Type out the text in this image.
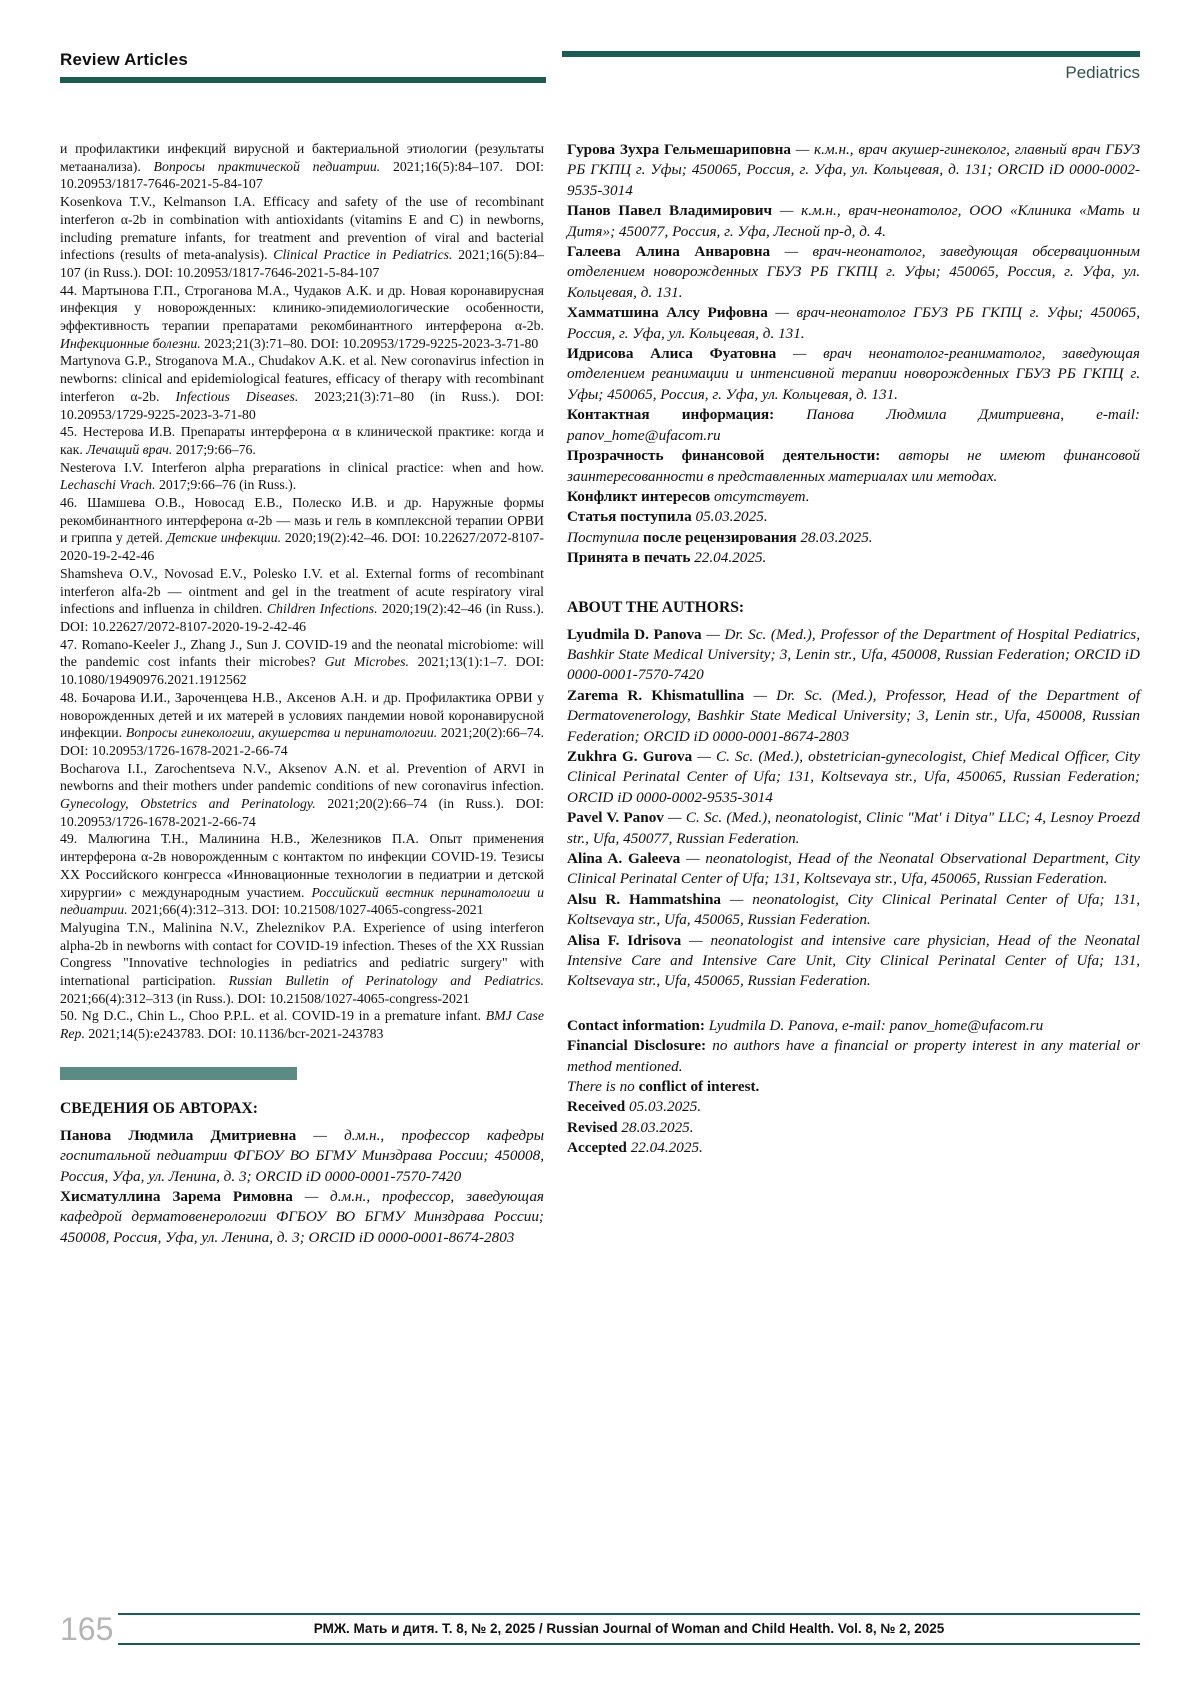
Review Articles
Pediatrics

и профилактики инфекций вирусной и бактериальной этиологии (результаты метаанализа). Вопросы практической педиатрии. 2021;16(5):84–107. DOI: 10.20953/1817-7646-2021-5-84-107

Kosenkova T.V., Kelmanson I.A. Efficacy and safety of the use of recombinant interferon α-2b in combination with antioxidants (vitamins E and C) in newborns, including premature infants, for treatment and prevention of viral and bacterial infections (results of meta-analysis). Clinical Practice in Pediatrics. 2021;16(5):84–107 (in Russ.). DOI: 10.20953/1817-7646-2021-5-84-107

44. Мартынова Г.П., Строганова М.А., Чудаков А.К. и др. Новая коронавирусная инфекция у новорожденных: клинико-эпидемиологические особенности, эффективность терапии препаратами рекомбинантного интерферона α-2b. Инфекционные болезни. 2023;21(3):71–80. DOI: 10.20953/1729-9225-2023-3-71-80

Martynova G.P., Stroganova M.A., Chudakov A.K. et al. New coronavirus infection in newborns: clinical and epidemiological features, efficacy of therapy with recombinant interferon α-2b. Infectious Diseases. 2023;21(3):71–80 (in Russ.). DOI: 10.20953/1729-9225-2023-3-71-80

45. Нестерова И.В. Препараты интерферона α в клинической практике: когда и как. Лечащий врач. 2017;9:66–76.

Nesterova I.V. Interferon alpha preparations in clinical practice: when and how. Lechaschi Vrach. 2017;9:66–76 (in Russ.).

46. Шамшева О.В., Новосад Е.В., Полеско И.В. и др. Наружные формы рекомбинантного интерферона α-2b — мазь и гель в комплексной терапии ОРВИ и гриппа у детей. Детские инфекции. 2020;19(2):42–46. DOI: 10.22627/2072-8107-2020-19-2-42-46

Shamsheva O.V., Novosad E.V., Polesko I.V. et al. External forms of recombinant interferon alfa-2b — ointment and gel in the treatment of acute respiratory viral infections and influenza in children. Children Infections. 2020;19(2):42–46 (in Russ.). DOI: 10.22627/2072-8107-2020-19-2-42-46

47. Romano-Keeler J., Zhang J., Sun J. COVID-19 and the neonatal microbiome: will the pandemic cost infants their microbes? Gut Microbes. 2021;13(1):1–7. DOI: 10.1080/19490976.2021.1912562

48. Бочарова И.И., Зароченцева Н.В., Аксенов А.Н. и др. Профилактика ОРВИ у новорожденных детей и их матерей в условиях пандемии новой коронавирусной инфекции. Вопросы гинекологии, акушерства и перинатологии. 2021;20(2):66–74. DOI: 10.20953/1726-1678-2021-2-66-74

Bocharova I.I., Zarochentseva N.V., Aksenov A.N. et al. Prevention of ARVI in newborns and their mothers under pandemic conditions of new coronavirus infection. Gynecology, Obstetrics and Perinatology. 2021;20(2):66–74 (in Russ.). DOI: 10.20953/1726-1678-2021-2-66-74

49. Малюгина Т.Н., Малинина Н.В., Железников П.А. Опыт применения интерферона α-2в новорожденным с контактом по инфекции COVID-19. Тезисы XX Российского конгресса «Инновационные технологии в педиатрии и детской хирургии» с международным участием. Российский вестник перинатологии и педиатрии. 2021;66(4):312–313. DOI: 10.21508/1027-4065-congress-2021

Malyugina T.N., Malinina N.V., Zheleznikov P.A. Experience of using interferon alpha-2b in newborns with contact for COVID-19 infection. Theses of the XX Russian Congress "Innovative technologies in pediatrics and pediatric surgery" with international participation. Russian Bulletin of Perinatology and Pediatrics. 2021;66(4):312–313 (in Russ.). DOI: 10.21508/1027-4065-congress-2021

50. Ng D.C., Chin L., Choo P.P.L. et al. COVID-19 in a premature infant. BMJ Case Rep. 2021;14(5):e243783. DOI: 10.1136/bcr-2021-243783

СВЕДЕНИЯ ОБ АВТОРАХ:

Панова Людмила Дмитриевна — д.м.н., профессор кафедры госпитальной педиатрии ФГБОУ ВО БГМУ Минздрава России; 450008, Россия, Уфа, ул. Ленина, д. 3; ORCID iD 0000-0001-7570-7420

Хисматуллина Зарема Римовна — д.м.н., профессор, заведующая кафедрой дерматовенерологии ФГБОУ ВО БГМУ Минздрава России; 450008, Россия, Уфа, ул. Ленина, д. 3; ORCID iD 0000-0001-8674-2803

Гурова Зухра Гельмешариповна — к.м.н., врач акушер-гинеколог, главный врач ГБУЗ РБ ГКПЦ г. Уфы; 450065, Россия, г. Уфа, ул. Кольцевая, д. 131; ORCID iD 0000-0002-9535-3014

Панов Павел Владимирович — к.м.н., врач-неонатолог, ООО «Клиника «Мать и Дитя»; 450077, Россия, г. Уфа, Лесной пр-д, д. 4.

Галеева Алина Анваровна — врач-неонатолог, заведующая обсервационным отделением новорожденных ГБУЗ РБ ГКПЦ г. Уфы; 450065, Россия, г. Уфа, ул. Кольцевая, д. 131.

Хамматшина Алсу Рифовна — врач-неонатолог ГБУЗ РБ ГКПЦ г. Уфы; 450065, Россия, г. Уфа, ул. Кольцевая, д. 131.

Идрисова Алиса Фуатовна — врач неонатолог-реаниматолог, заведующая отделением реанимации и интенсивной терапии новорожденных ГБУЗ РБ ГКПЦ г. Уфы; 450065, Россия, г. Уфа, ул. Кольцевая, д. 131.

Контактная информация: Панова Людмила Дмитриевна, e-mail: panov_home@ufacom.ru

Прозрачность финансовой деятельности: авторы не имеют финансовой заинтересованности в представленных материалах или методах.

Конфликт интересов отсутствует.

Статья поступила 05.03.2025.

Поступила после рецензирования 28.03.2025.

Принята в печать 22.04.2025.

ABOUT THE AUTHORS:

Lyudmila D. Panova — Dr. Sc. (Med.), Professor of the Department of Hospital Pediatrics, Bashkir State Medical University; 3, Lenin str., Ufa, 450008, Russian Federation; ORCID iD 0000-0001-7570-7420

Zarema R. Khismatullina — Dr. Sc. (Med.), Professor, Head of the Department of Dermatovenerology, Bashkir State Medical University; 3, Lenin str., Ufa, 450008, Russian Federation; ORCID iD 0000-0001-8674-2803

Zukhra G. Gurova — C. Sc. (Med.), obstetrician-gynecologist, Chief Medical Officer, City Clinical Perinatal Center of Ufa; 131, Koltsevaya str., Ufa, 450065, Russian Federation; ORCID iD 0000-0002-9535-3014

Pavel V. Panov — C. Sc. (Med.), neonatologist, Clinic "Mat' i Ditya" LLC; 4, Lesnoy Proezd str., Ufa, 450077, Russian Federation.

Alina A. Galeeva — neonatologist, Head of the Neonatal Observational Department, City Clinical Perinatal Center of Ufa; 131, Koltsevaya str., Ufa, 450065, Russian Federation.

Alsu R. Hammatshina — neonatologist, City Clinical Perinatal Center of Ufa; 131, Koltsevaya str., Ufa, 450065, Russian Federation.

Alisa F. Idrisova — neonatologist and intensive care physician, Head of the Neonatal Intensive Care and Intensive Care Unit, City Clinical Perinatal Center of Ufa; 131, Koltsevaya str., Ufa, 450065, Russian Federation.

Contact information: Lyudmila D. Panova, e-mail: panov_home@ufacom.ru

Financial Disclosure: no authors have a financial or property interest in any material or method mentioned.

There is no conflict of interest.

Received 05.03.2025.

Revised 28.03.2025.

Accepted 22.04.2025.

165	РМЖ. Мать и дитя. Т. 8, № 2, 2025 / Russian Journal of Woman and Child Health. Vol. 8, № 2, 2025
